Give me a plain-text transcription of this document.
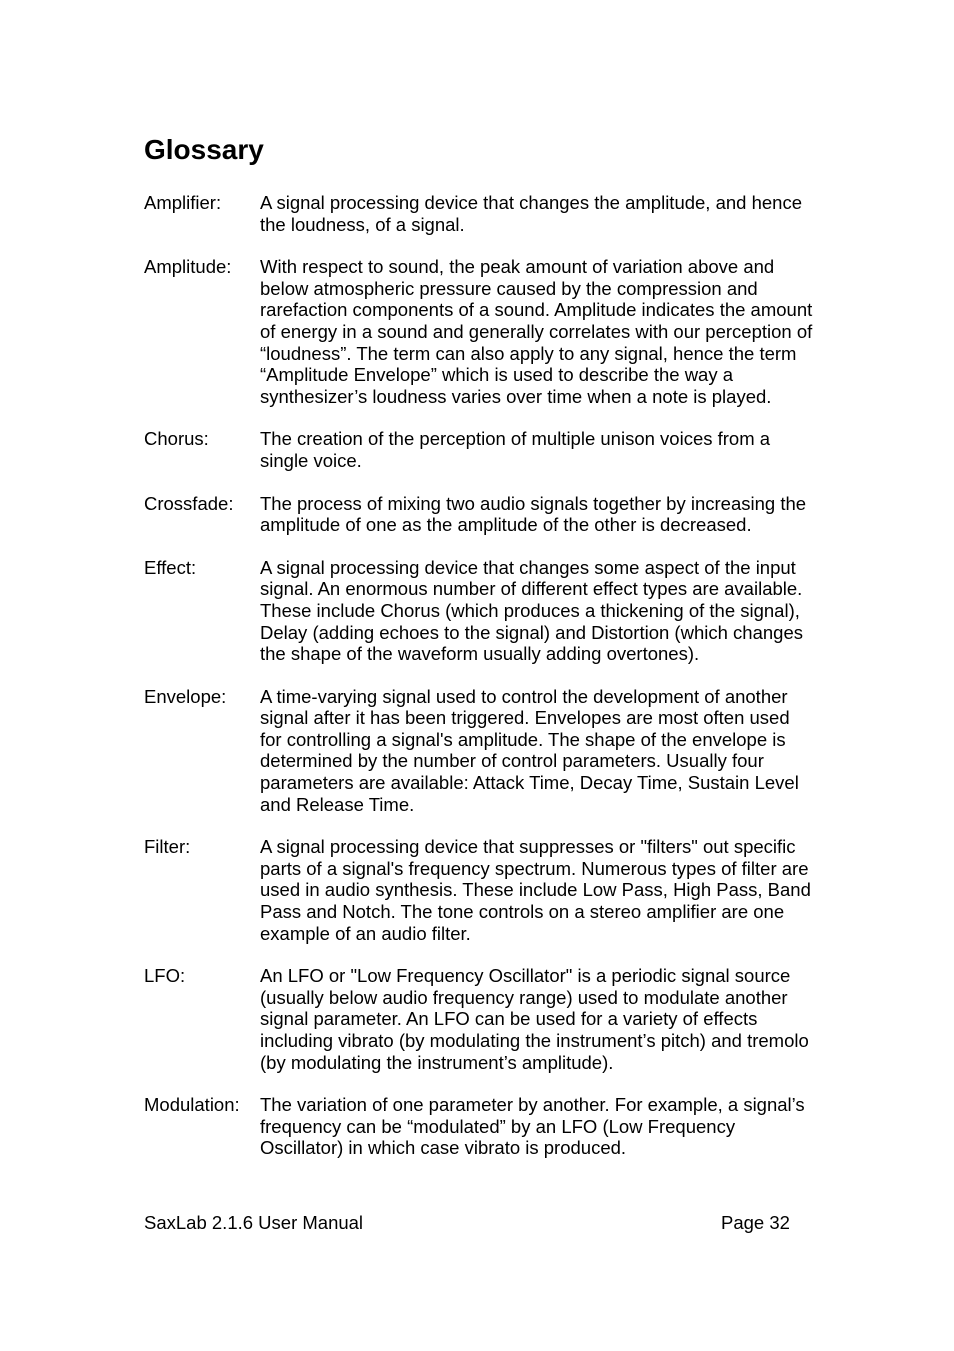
Glossary
Amplifier:	A signal processing device that changes the amplitude, and hence the loudness, of a signal.
Amplitude:	With respect to sound, the peak amount of variation above and below atmospheric pressure caused by the compression and rarefaction components of a sound. Amplitude indicates the amount of energy in a sound and generally correlates with our perception of “loudness”. The term can also apply to any signal, hence the term “Amplitude Envelope” which is used to describe the way a synthesizer’s loudness varies over time when a note is played.
Chorus:	The creation of the perception of multiple unison voices from a single voice.
Crossfade:	The process of mixing two audio signals together by increasing the amplitude of one as the amplitude of the other is decreased.
Effect:	A signal processing device that changes some aspect of the input signal. An enormous number of different effect types are available. These include Chorus (which produces a thickening of the signal), Delay (adding echoes to the signal) and Distortion (which changes the shape of the waveform usually adding overtones).
Envelope:	A time-varying signal used to control the development of another signal after it has been triggered. Envelopes are most often used for controlling a signal's amplitude. The shape of the envelope is determined by the number of control parameters. Usually four parameters are available: Attack Time, Decay Time, Sustain Level and Release Time.
Filter:	A signal processing device that suppresses or "filters" out specific parts of a signal's frequency spectrum. Numerous types of filter are used in audio synthesis. These include Low Pass, High Pass, Band Pass and Notch. The tone controls on a stereo amplifier are one example of an audio filter.
LFO:	An LFO or "Low Frequency Oscillator" is a periodic signal source (usually below audio frequency range) used to modulate another signal parameter. An LFO can be used for a variety of effects including vibrato (by modulating the instrument’s pitch) and tremolo (by modulating the instrument’s amplitude).
Modulation:	The variation of one parameter by another. For example, a signal’s frequency can be “modulated” by an LFO (Low Frequency Oscillator) in which case vibrato is produced.
SaxLab 2.1.6 User Manual	Page 32
